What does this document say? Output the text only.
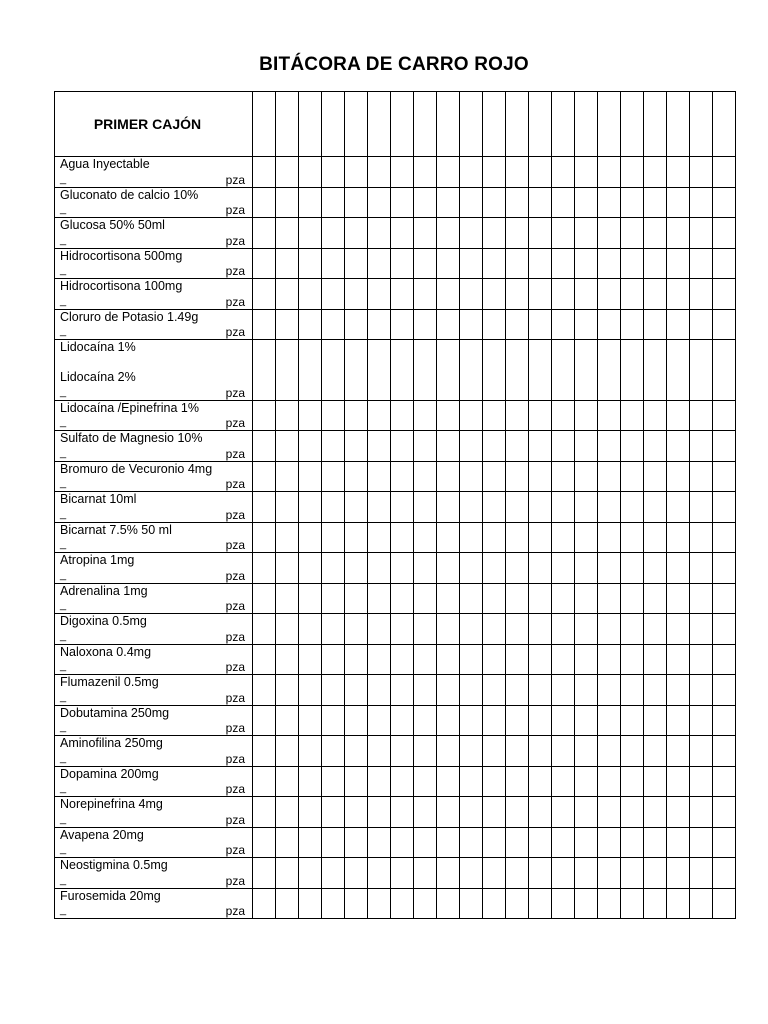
BITÁCORA DE CARRO ROJO
PRIMER CAJÓN																					

Agua Inyectable
_ pza																					

Gluconato de calcio 10%
_ pza																					

Glucosa 50% 50ml
_ pza																					

Hidrocortisona 500mg
_ pza																					

Hidrocortisona 100mg
_ pza																					

Cloruro de Potasio 1.49g
_ pza																					

Lidocaína 1%
Lidocaína 2%
_ pza																					

Lidocaína /Epinefrina 1%
_ pza																					

Sulfato de Magnesio 10%
_ pza																					

Bromuro de Vecuronio 4mg
_ pza																					

Bicarnat 10ml
_ pza																					

Bicarnat 7.5% 50 ml
_ pza																					

Atropina 1mg
_ pza																					

Adrenalina 1mg
_ pza																					

Digoxina 0.5mg
_ pza																					

Naloxona 0.4mg
_ pza																					

Flumazenil 0.5mg
_ pza																					

Dobutamina 250mg
_ pza																					

Aminofilina 250mg
_ pza																					

Dopamina 200mg
_ pza																					

Norepinefrina 4mg
_ pza																					

Avapena 20mg
_ pza																					

Neostigmina 0.5mg
_ pza																					

Furosemida 20mg
_ pza																					
